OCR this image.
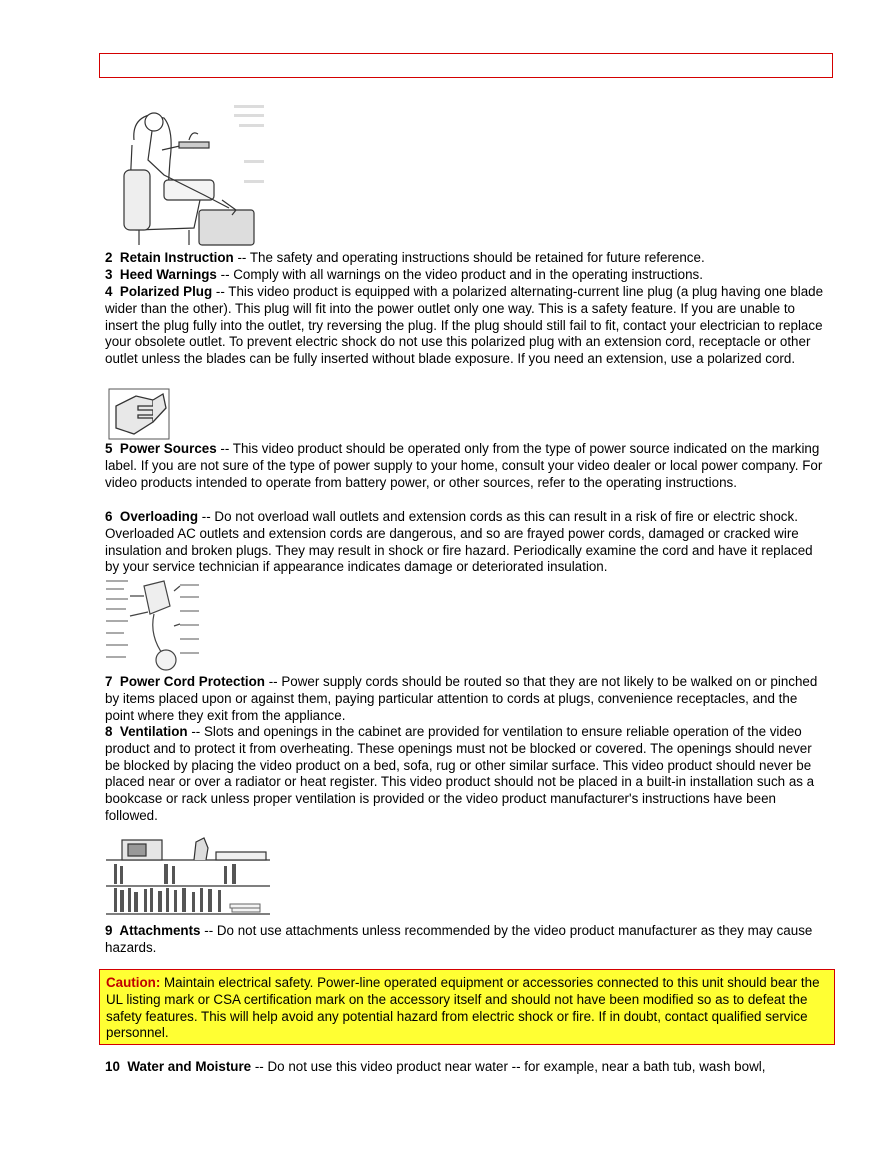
2 Retain Instruction -- The safety and operating instructions should be retained for future reference.

3 Heed Warnings -- Comply with all warnings on the video product and in the operating instructions.

4 Polarized Plug -- This video product is equipped with a polarized alternating-current line plug (a plug having one blade wider than the other). This plug will fit into the power outlet only one way. This is a safety feature. If you are unable to insert the plug fully into the outlet, try reversing the plug. If the plug should still fail to fit, contact your electrician to replace your obsolete outlet. To prevent electric shock do not use this polarized plug with an extension cord, receptacle or other outlet unless the blades can be fully inserted without blade exposure. If you need an extension, use a polarized cord.

5 Power Sources -- This video product should be operated only from the type of power source indicated on the marking label. If you are not sure of the type of power supply to your home, consult your video dealer or local power company. For video products intended to operate from battery power, or other sources, refer to the operating instructions.

6 Overloading -- Do not overload wall outlets and extension cords as this can result in a risk of fire or electric shock. Overloaded AC outlets and extension cords are dangerous, and so are frayed power cords, damaged or cracked wire insulation and broken plugs. They may result in shock or fire hazard. Periodically examine the cord and have it replaced by your service technician if appearance indicates damage or deteriorated insulation.

7 Power Cord Protection -- Power supply cords should be routed so that they are not likely to be walked on or pinched by items placed upon or against them, paying particular attention to cords at plugs, convenience receptacles, and the point where they exit from the appliance.

8 Ventilation -- Slots and openings in the cabinet are provided for ventilation to ensure reliable operation of the video product and to protect it from overheating. These openings must not be blocked or covered. The openings should never be blocked by placing the video product on a bed, sofa, rug or other similar surface. This video product should never be placed near or over a radiator or heat register. This video product should not be placed in a built-in installation such as a bookcase or rack unless proper ventilation is provided or the video product manufacturer's instructions have been followed.

9 Attachments -- Do not use attachments unless recommended by the video product manufacturer as they may cause hazards.

Caution: Maintain electrical safety. Power-line operated equipment or accessories connected to this unit should bear the UL listing mark or CSA certification mark on the accessory itself and should not have been modified so as to defeat the safety features. This will help avoid any potential hazard from electric shock or fire. If in doubt, contact qualified service personnel.

10 Water and Moisture -- Do not use this video product near water -- for example, near a bath tub, wash bowl,
